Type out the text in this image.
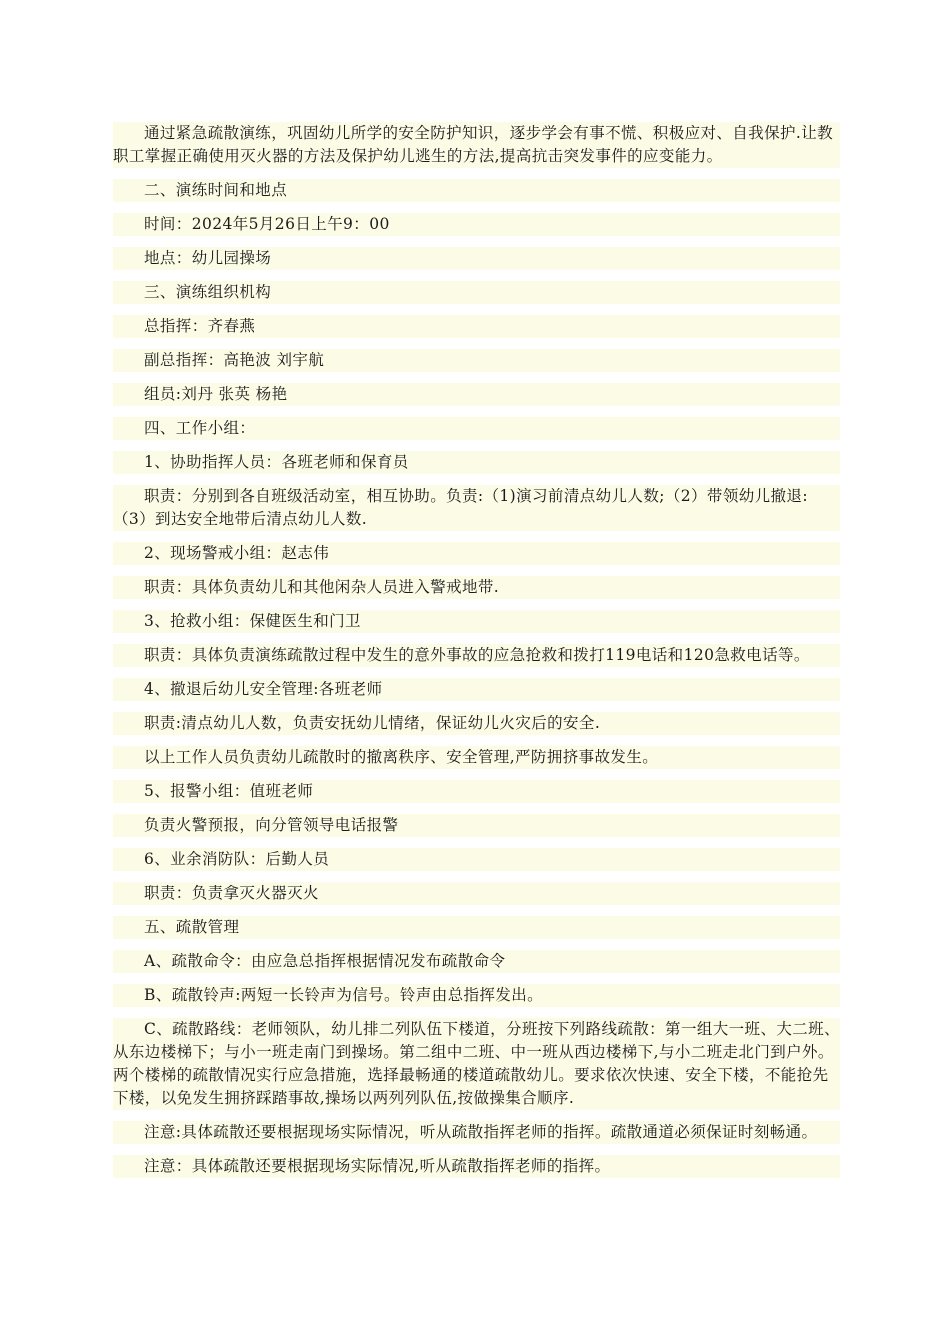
通过紧急疏散演练，巩固幼儿所学的安全防护知识，逐步学会有事不慌、积极应对、自我保护.让教职工掌握正确使用灭火器的方法及保护幼儿逃生的方法,提高抗击突发事件的应变能力。

二、演练时间和地点

时间：2024年5月26日上午9：00

地点：幼儿园操场

三、演练组织机构

总指挥：齐春燕

副总指挥：高艳波 刘宇航

组员:刘丹 张英 杨艳

四、工作小组：

1、协助指挥人员：各班老师和保育员

职责：分别到各自班级活动室，相互协助。负责:（1)演习前清点幼儿人数;（2）带领幼儿撤退:（3）到达安全地带后清点幼儿人数.

2、现场警戒小组：赵志伟

职责：具体负责幼儿和其他闲杂人员进入警戒地带.

3、抢救小组：保健医生和门卫

职责：具体负责演练疏散过程中发生的意外事故的应急抢救和拨打119电话和120急救电话等。

4、撤退后幼儿安全管理:各班老师

职责:清点幼儿人数，负责安抚幼儿情绪，保证幼儿火灾后的安全.

以上工作人员负责幼儿疏散时的撤离秩序、安全管理,严防拥挤事故发生。

5、报警小组：值班老师

负责火警预报，向分管领导电话报警

6、业余消防队：后勤人员

职责：负责拿灭火器灭火

五、疏散管理

A、疏散命令：由应急总指挥根据情况发布疏散命令

B、疏散铃声:两短一长铃声为信号。铃声由总指挥发出。

C、疏散路线：老师领队，幼儿排二列队伍下楼道，分班按下列路线疏散：第一组大一班、大二班、从东边楼梯下；与小一班走南门到操场。第二组中二班、中一班从西边楼梯下,与小二班走北门到户外。两个楼梯的疏散情况实行应急措施，选择最畅通的楼道疏散幼儿。要求依次快速、安全下楼，不能抢先下楼，以免发生拥挤踩踏事故,操场以两列列队伍,按做操集合顺序.

注意:具体疏散还要根据现场实际情况，听从疏散指挥老师的指挥。疏散通道必须保证时刻畅通。

注意：具体疏散还要根据现场实际情况,听从疏散指挥老师的指挥。
